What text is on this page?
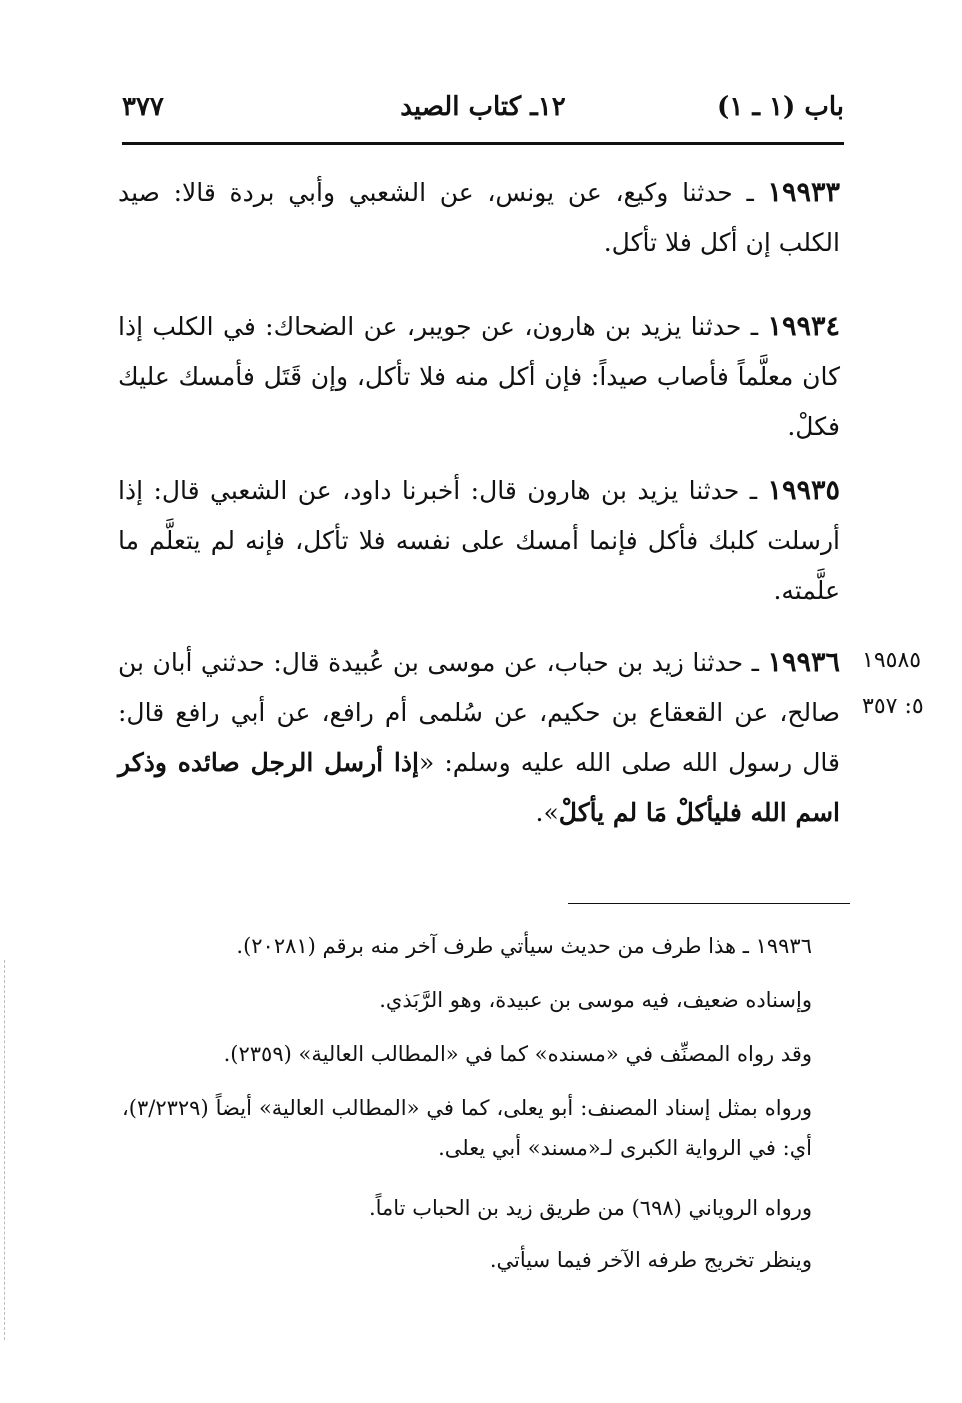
باب (١ ـ ١)
١٢ـ كتاب الصيد
٣٧٧
١٩٩٣٣ ـ حدثنا وكيع، عن يونس، عن الشعبي وأبي بردة قالا: صيد الكلب إن أكل فلا تأكل.
١٩٩٣٤ ـ حدثنا يزيد بن هارون، عن جويبر، عن الضحاك: في الكلب إذا كان معلَّماً فأصاب صيداً: فإن أكل منه فلا تأكل، وإن قَتَل فأمسك عليك فكلْ.
١٩٩٣٥ ـ حدثنا يزيد بن هارون قال: أخبرنا داود، عن الشعبي قال: إذا أرسلت كلبك فأكل فإنما أمسك على نفسه فلا تأكل، فإنه لم يتعلَّم ما علَّمته.
١٩٩٣٦ ـ حدثنا زيد بن حباب، عن موسى بن عُبيدة قال: حدثني أبان بن صالح، عن القعقاع بن حكيم، عن سُلمى أم رافع، عن أبي رافع قال: قال رسول الله صلى الله عليه وسلم: «إذا أرسل الرجل صائده وذكر اسم الله فليأكلْ مَا لم يأكلْ».
١٩٥٨٥
٥: ٣٥٧
١٩٩٣٦ ـ هذا طرف من حديث سيأتي طرف آخر منه برقم (٢٠٢٨١).
وإسناده ضعيف، فيه موسى بن عبيدة، وهو الرَّبَذي.
وقد رواه المصنِّف في «مسنده» كما في «المطالب العالية» (٢٣٥٩).
ورواه بمثل إسناد المصنف: أبو يعلى، كما في «المطالب العالية» أيضاً (٣/٢٣٢٩)، أي: في الرواية الكبرى لـ«مسند» أبي يعلى.
ورواه الروياني (٦٩٨) من طريق زيد بن الحباب تاماً.
وينظر تخريج طرفه الآخر فيما سيأتي.
